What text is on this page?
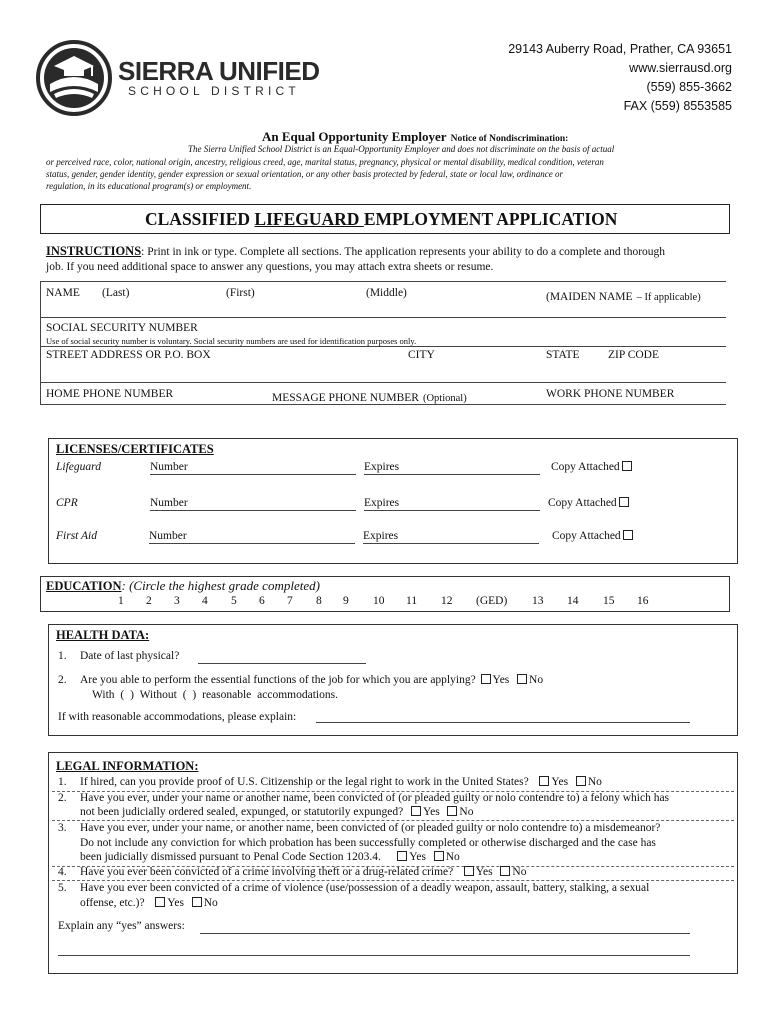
SIERRA UNIFIED
SCHOOL DISTRICT
29143 Auberry Road, Prather, CA 93651
www.sierrausd.org
(559) 855-3662
FAX (559) 8553585
An Equal Opportunity Employer Notice of Nondiscrimination:
The Sierra Unified School District is an Equal-Opportunity Employer and does not discriminate on the basis of actual
or perceived race, color, national origin, ancestry, religious creed, age, marital status, pregnancy, physical or mental disability, medical condition, veteran
status, gender, gender identity, gender expression or sexual orientation, or any other basis protected by federal, state or local law, ordinance or
regulation, in its educational program(s) or employment.
CLASSIFIED LIFEGUARD EMPLOYMENT APPLICATION
INSTRUCTIONS: Print in ink or type. Complete all sections. The application represents your ability to do a complete and thorough
job. If you need additional space to answer any questions, you may attach extra sheets or resume.
NAME (Last)	(First)	(Middle)	(MAIDEN NAME – If applicable)
SOCIAL SECURITY NUMBER
Use of social security number is voluntary. Social security numbers are used for identification purposes only.
STREET ADDRESS OR P.O. BOX	CITY	STATE ZIP CODE
HOME PHONE NUMBER	MESSAGE PHONE NUMBER (Optional)	WORK PHONE NUMBER
LICENSES/CERTIFICATES
Lifeguard	Number	Expires	Copy Attached
CPR	Number	Expires	Copy Attached
First Aid	Number	Expires	Copy Attached
EDUCATION: (Circle the highest grade completed)
1 2 3 4 5 6 7 8 9 10 11 12 (GED) 13 14 15 16
HEALTH DATA:
1. Date of last physical?
2. Are you able to perform the essential functions of the job for which you are applying? Yes No
With ( ) Without ( ) reasonable accommodations.
If with reasonable accommodations, please explain:
LEGAL INFORMATION:
1. If hired, can you provide proof of U.S. Citizenship or the legal right to work in the United States? Yes No
2. Have you ever, under your name or another name, been convicted of (or pleaded guilty or nolo contendre to) a felony which has
not been judicially ordered sealed, expunged, or statutorily expunged? Yes No
3. Have you ever, under your name, or another name, been convicted of (or pleaded guilty or nolo contendre to) a misdemeanor?
Do not include any conviction for which probation has been successfully completed or otherwise discharged and the case has
been judicially dismissed pursuant to Penal Code Section 1203.4. Yes No
4. Have you ever been convicted of a crime involving theft or a drug-related crime? Yes No
5. Have you ever been convicted of a crime of violence (use/possession of a deadly weapon, assault, battery, stalking, a sexual
offense, etc.)? Yes No
Explain any “yes” answers:
